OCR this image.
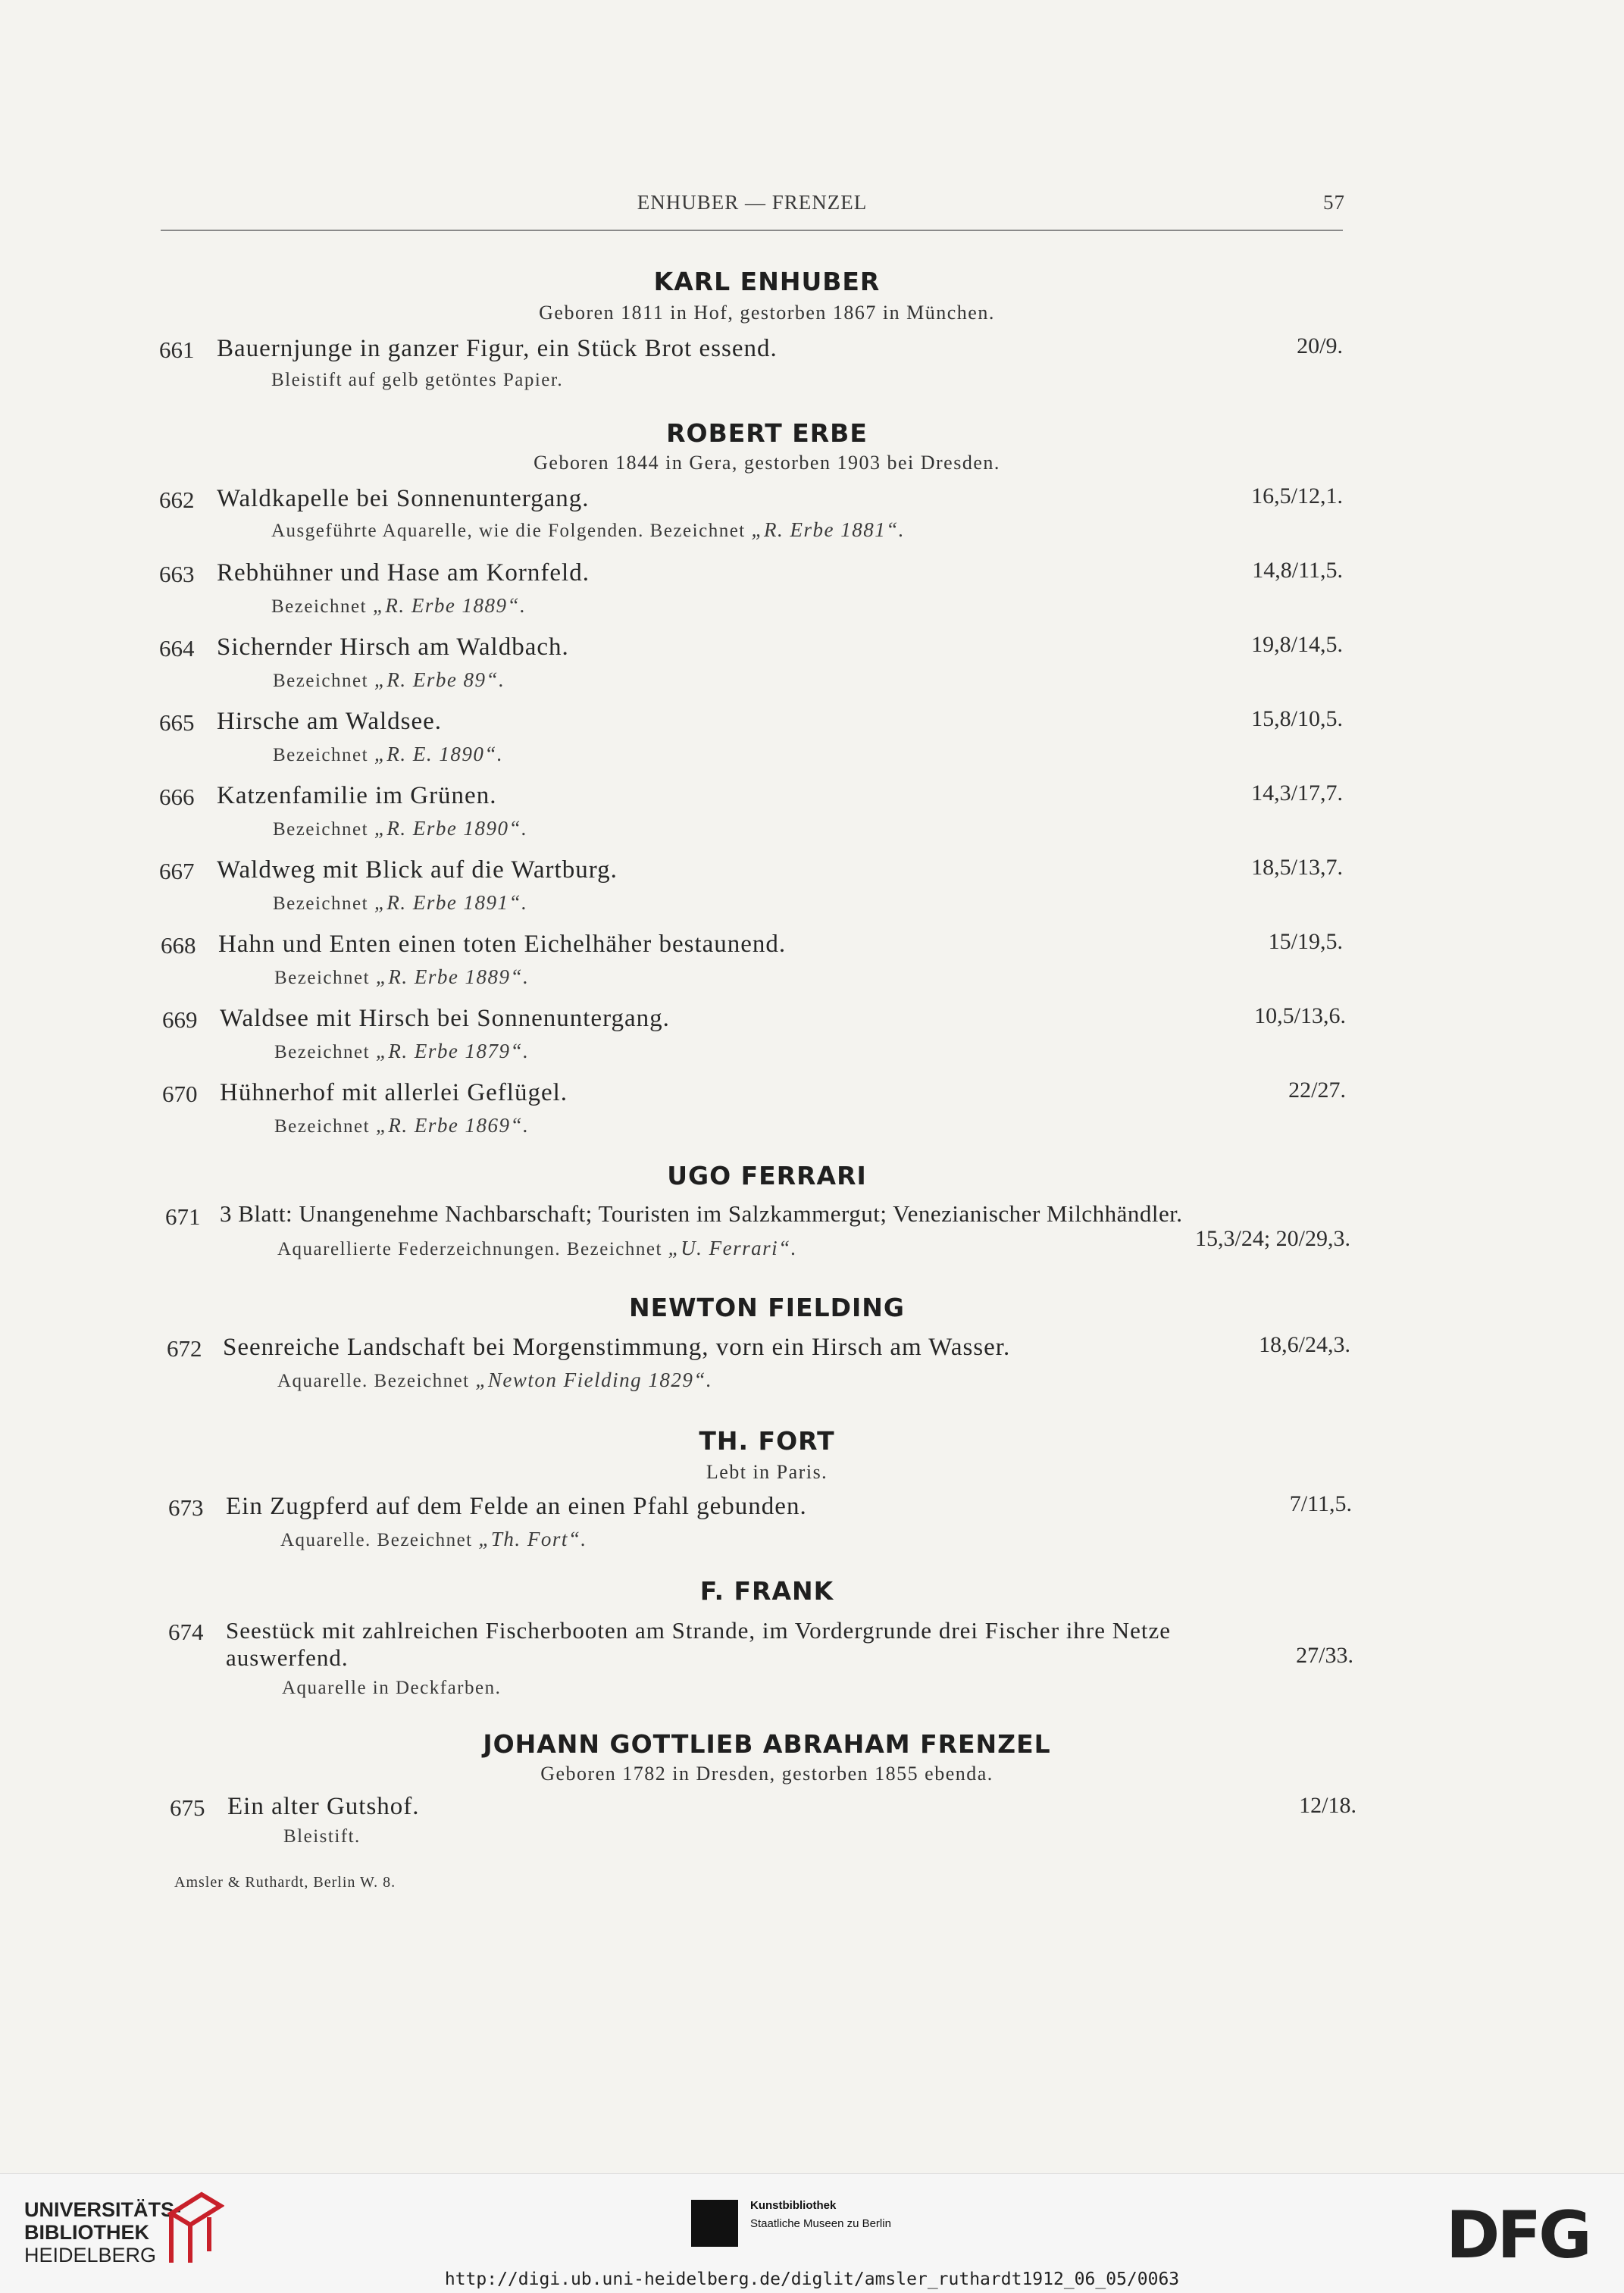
ENHUBER — FRENZEL	57
KARL ENHUBER
Geboren 1811 in Hof, gestorben 1867 in München.
661 Bauernjunge in ganzer Figur, ein Stück Brot essend.	20/9.
Bleistift auf gelb getöntes Papier.
ROBERT ERBE
Geboren 1844 in Gera, gestorben 1903 bei Dresden.
662 Waldkapelle bei Sonnenuntergang.	16,5/12,1.
Ausgeführte Aquarelle, wie die Folgenden. Bezeichnet „R. Erbe 1881“.
663 Rebhühner und Hase am Kornfeld.	14,8/11,5.
Bezeichnet „R. Erbe 1889“.
664 Sichernder Hirsch am Waldbach.	19,8/14,5.
Bezeichnet „R. Erbe 89“.
665 Hirsche am Waldsee.	15,8/10,5.
Bezeichnet „R. E. 1890“.
666 Katzenfamilie im Grünen.	14,3/17,7.
Bezeichnet „R. Erbe 1890“.
667 Waldweg mit Blick auf die Wartburg.	18,5/13,7.
Bezeichnet „R. Erbe 1891“.
668 Hahn und Enten einen toten Eichelhäher bestaunend.	15/19,5.
Bezeichnet „R. Erbe 1889“.
669 Waldsee mit Hirsch bei Sonnenuntergang.	10,5/13,6.
Bezeichnet „R. Erbe 1879“.
670 Hühnerhof mit allerlei Geflügel.	22/27.
Bezeichnet „R. Erbe 1869“.
UGO FERRARI
671 3 Blatt: Unangenehme Nachbarschaft; Touristen im Salzkammergut; Venezianischer Milchhändler.
15,3/24; 20/29,3.
Aquarellierte Federzeichnungen. Bezeichnet „U. Ferrari“.
NEWTON FIELDING
672 Seenreiche Landschaft bei Morgenstimmung, vorn ein Hirsch am Wasser.	18,6/24,3.
Aquarelle. Bezeichnet „Newton Fielding 1829“.
TH. FORT
Lebt in Paris.
673 Ein Zugpferd auf dem Felde an einen Pfahl gebunden.	7/11,5.
Aquarelle. Bezeichnet „Th. Fort“.
F. FRANK
674 Seestück mit zahlreichen Fischerbooten am Strande, im Vordergrunde drei Fischer ihre Netze
auswerfend.	27/33.
Aquarelle in Deckfarben.
JOHANN GOTTLIEB ABRAHAM FRENZEL
Geboren 1782 in Dresden, gestorben 1855 ebenda.
675 Ein alter Gutshof.	12/18.
Bleistift.
Amsler & Ruthardt, Berlin W. 8.
UNIVERSITÄTS-
BIBLIOTHEK
HEIDELBERG
Kunstbibliothek
Staatliche Museen zu Berlin	DFG
http://digi.ub.uni-heidelberg.de/diglit/amsler_ruthardt1912_06_05/0063
